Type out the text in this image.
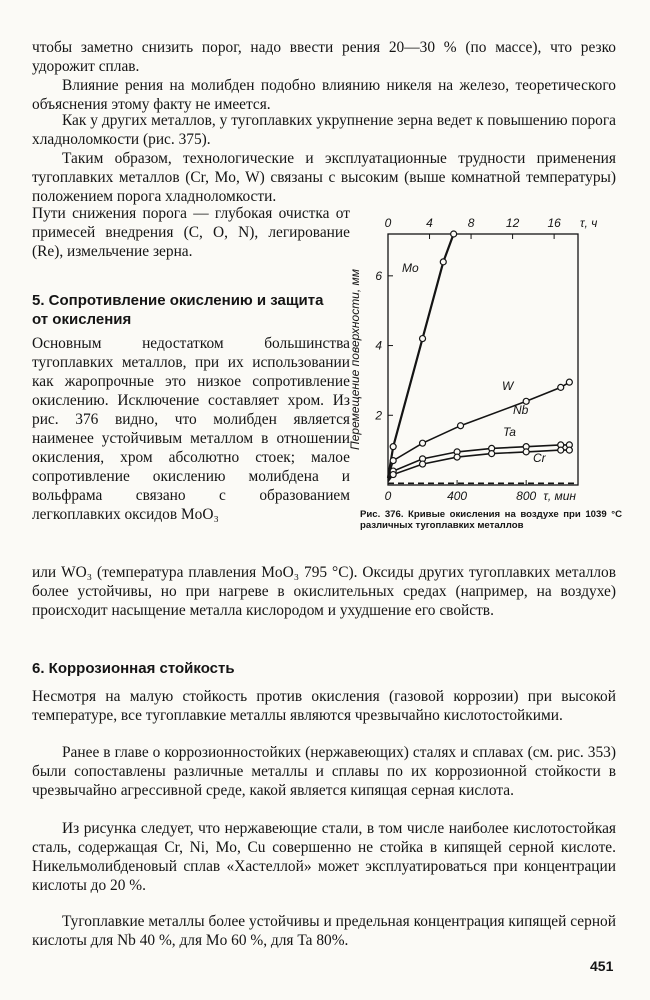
чтобы заметно снизить порог, надо ввести рения 20—30 % (по массе), что резко удорожит сплав.

Влияние рения на молибден подобно влиянию никеля на железо, теоретического объяснения этому факту не имеется.

Как у других металлов, у тугоплавких укрупнение зерна ведет к повышению порога хладноломкости (рис. 375).

Таким образом, технологические и эксплуатационные трудности применения тугоплавких металлов (Cr, Mo, W) связаны с высоким (выше комнатной температуры) положением порога хладноломкости.

Пути снижения порога — глубокая очистка от примесей внедрения (С, О, N), легирование (Re), измельчение зерна.

5. Сопротивление окислению и защита от окисления

Основным недостатком большинства тугоплавких металлов, при их использовании как жаропрочные это низкое сопротивление окислению. Исключение составляет хром. Из рис. 376 видно, что молибден является наименее устойчивым металлом в отношении окисления, хром абсолютно стоек; малое сопротивление окислению молибдена и вольфрама связано с образованием легкоплавких оксидов MoO₃

или WO₃ (температура плавления MoO₃ 795 °С). Оксиды других тугоплавких металлов более устойчивы, но при нагреве в окислительных средах (например, на воздухе) происходит насыщение металла кислородом и ухудшение его свойств.

6. Коррозионная стойкость

Несмотря на малую стойкость против окисления (газовой коррозии) при высокой температуре, все тугоплавкие металлы являются чрезвычайно кислотостойкими.

Ранее в главе о коррозионностойких (нержавеющих) сталях и сплавах (см. рис. 353) были сопоставлены различные металлы и сплавы по их коррозионной стойкости в чрезвычайно агрессивной среде, какой является кипящая серная кислота.

Из рисунка следует, что нержавеющие стали, в том числе наиболее кислотостойкая сталь, содержащая Cr, Ni, Mo, Cu совершенно не стойка в кипящей серной кислоте. Никельмолибденовый сплав «Хастеллой» может эксплуатироваться при концентрации кислоты до 20 %.

Тугоплавкие металлы более устойчивы и предельная концентрация кипящей серной кислоты для Nb 40 %, для Mo 60 %, для Ta 80%.

0	400	800 τ, мин
0	4	8	12 16 τ, ч
2
4
6
Перемещение поверхности, мм
Mo
W
Nb
Ta
Cr

Рис. 376. Кривые окисления на воздухе при 1039 °С различных тугоплавких металлов

451
